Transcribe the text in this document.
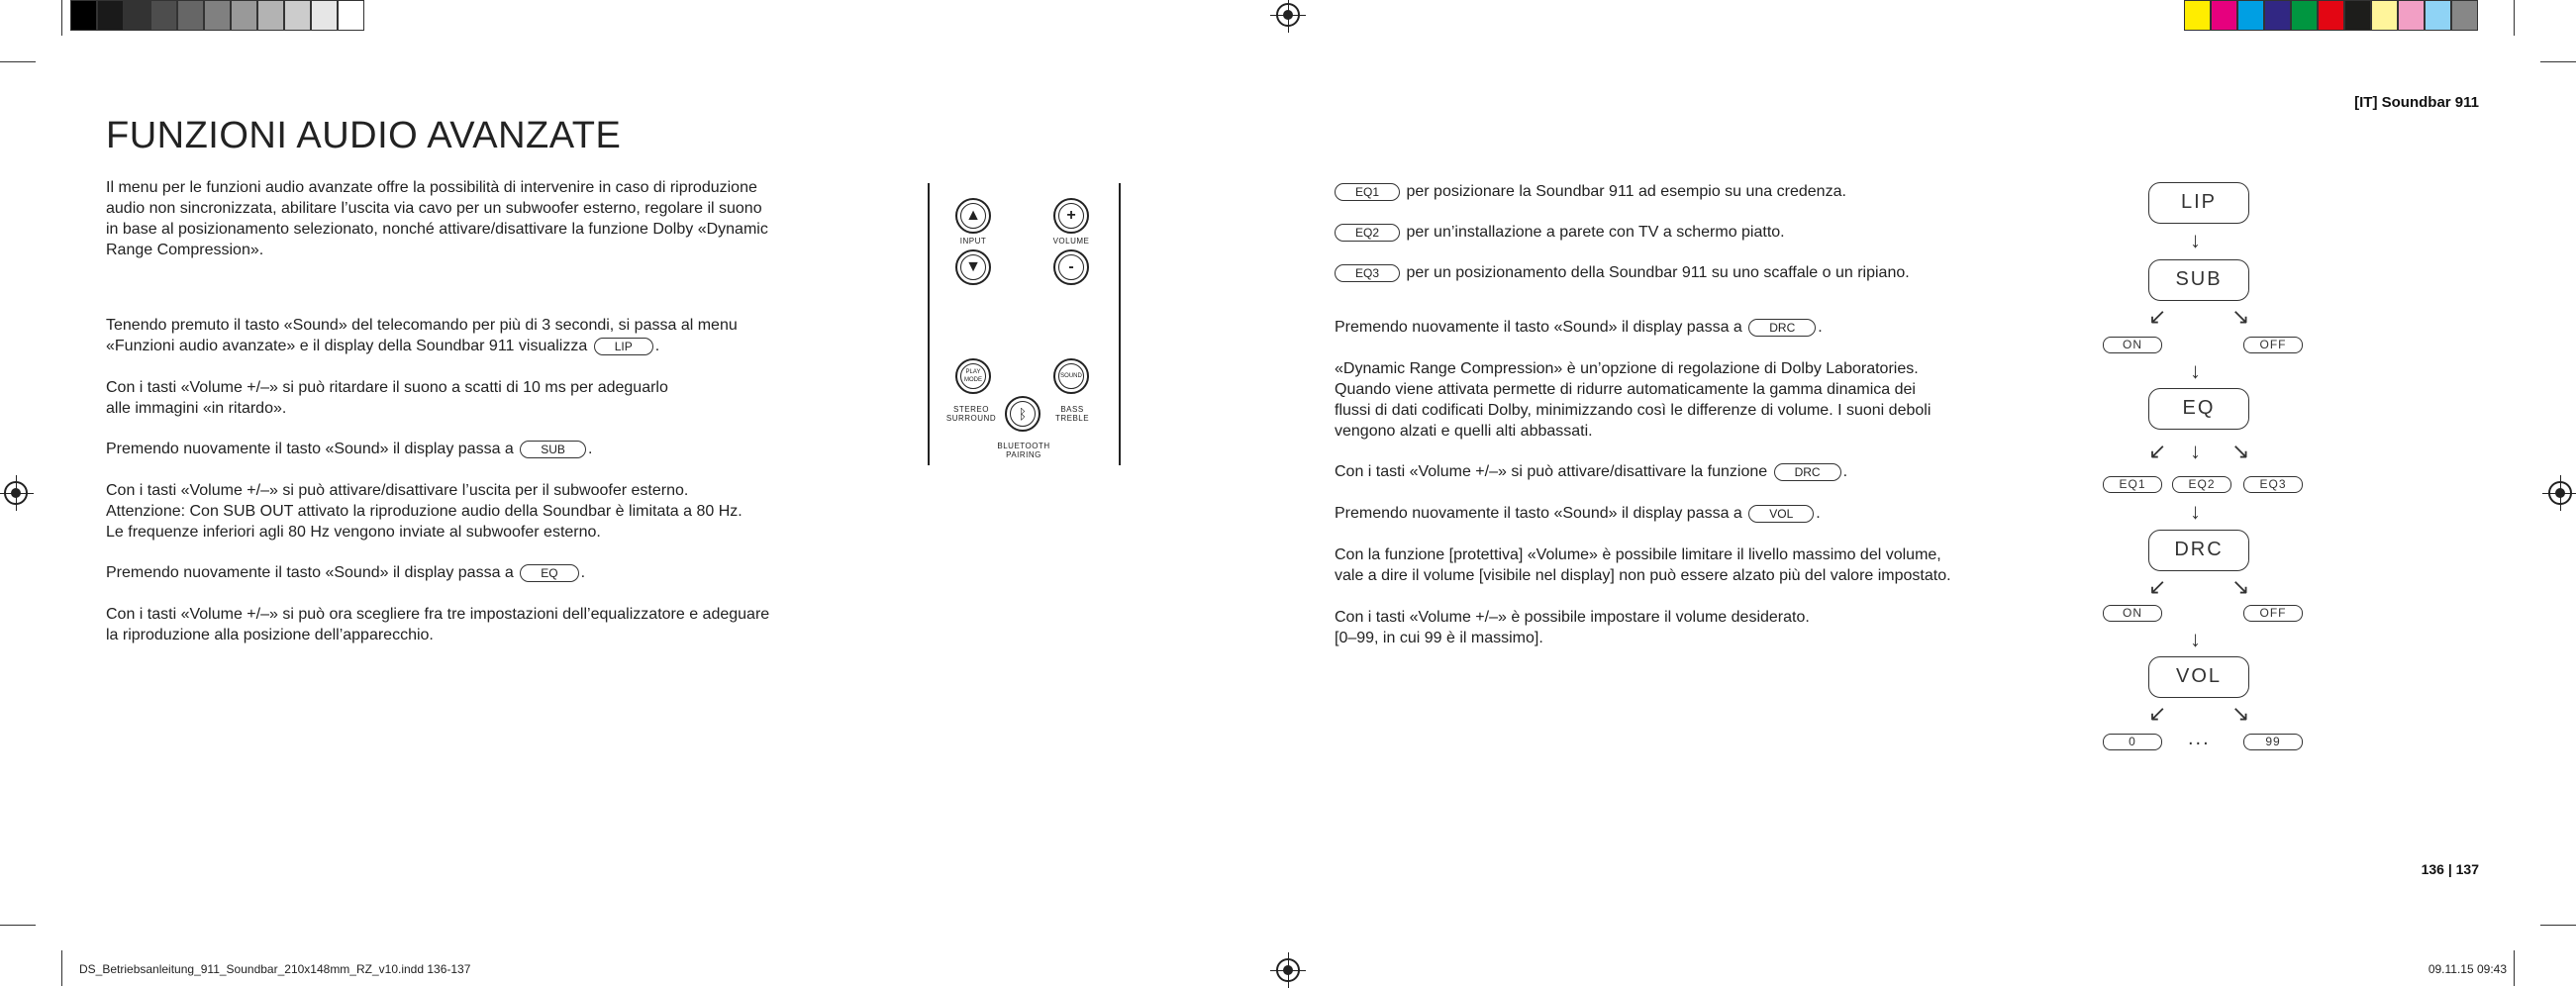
FUNZIONI AUDIO AVANZATE
[IT] Soundbar 911
Il menu per le funzioni audio avanzate offre la possibilità di intervenire in caso di riproduzione
audio non sincronizzata, abilitare l’uscita via cavo per un subwoofer esterno, regolare il suono
in base al posizionamento selezionato, nonché attivare/disattivare la funzione Dolby «Dynamic
Range Compression».
Tenendo premuto il tasto «Sound» del telecomando per più di 3 secondi, si passa al menu
«Funzioni audio avanzate» e il display della Soundbar 911 visualizza LIP .
Con i tasti «Volume +/–» si può ritardare il suono a scatti di 10 ms per adeguarlo
alle immagini «in ritardo».
Premendo nuovamente il tasto «Sound» il display passa a SUB .
Con i tasti «Volume +/–» si può attivare/disattivare l’uscita per il subwoofer esterno.
Attenzione: Con SUB OUT attivato la riproduzione audio della Soundbar è limitata a 80 Hz.
Le frequenze inferiori agli 80 Hz vengono inviate al subwoofer esterno.
Premendo nuovamente il tasto «Sound» il display passa a EQ .
Con i tasti «Volume +/–» si può ora scegliere fra tre impostazioni dell’equalizzatore e adeguare
la riproduzione alla posizione dell’apparecchio.
▲	+
INPUT	VOLUME
▼	-
PLAY
MODE
SOUND
ᛒ
STEREO
SURROUND
BASS
TREBLE
BLUETOOTH
PAIRING
EQ1 per posizionare la Soundbar 911 ad esempio su una credenza.
EQ2 per un’installazione a parete con TV a schermo piatto.
EQ3 per un posizionamento della Soundbar 911 su uno scaffale o un ripiano.
Premendo nuovamente il tasto «Sound» il display passa a DRC .
«Dynamic Range Compression» è un’opzione di regolazione di Dolby Laboratories.
Quando viene attivata permette di ridurre automaticamente la gamma dinamica dei
flussi di dati codificati Dolby, minimizzando così le differenze di volume. I suoni deboli
vengono alzati e quelli alti abbassati.
Con i tasti «Volume +/–» si può attivare/disattivare la funzione DRC .
Premendo nuovamente il tasto «Sound» il display passa a VOL .
Con la funzione [protettiva] «Volume» è possibile limitare il livello massimo del volume,
vale a dire il volume [visibile nel display] non può essere alzato più del valore impostato.
Con i tasti «Volume +/–» è possibile impostare il volume desiderato.
[0–99, in cui 99 è il massimo].
LIP
↓
SUB
↙	↘
ON	OFF
↓
EQ
↙ ↓ ↘
EQ1	EQ2	EQ3
↓
DRC
↙	↘
ON	OFF
↓
VOL
↙	↘
0	...	99
136 | 137
DS_Betriebsanleitung_911_Soundbar_210x148mm_RZ_v10.indd 136-137	09.11.15 09:43
